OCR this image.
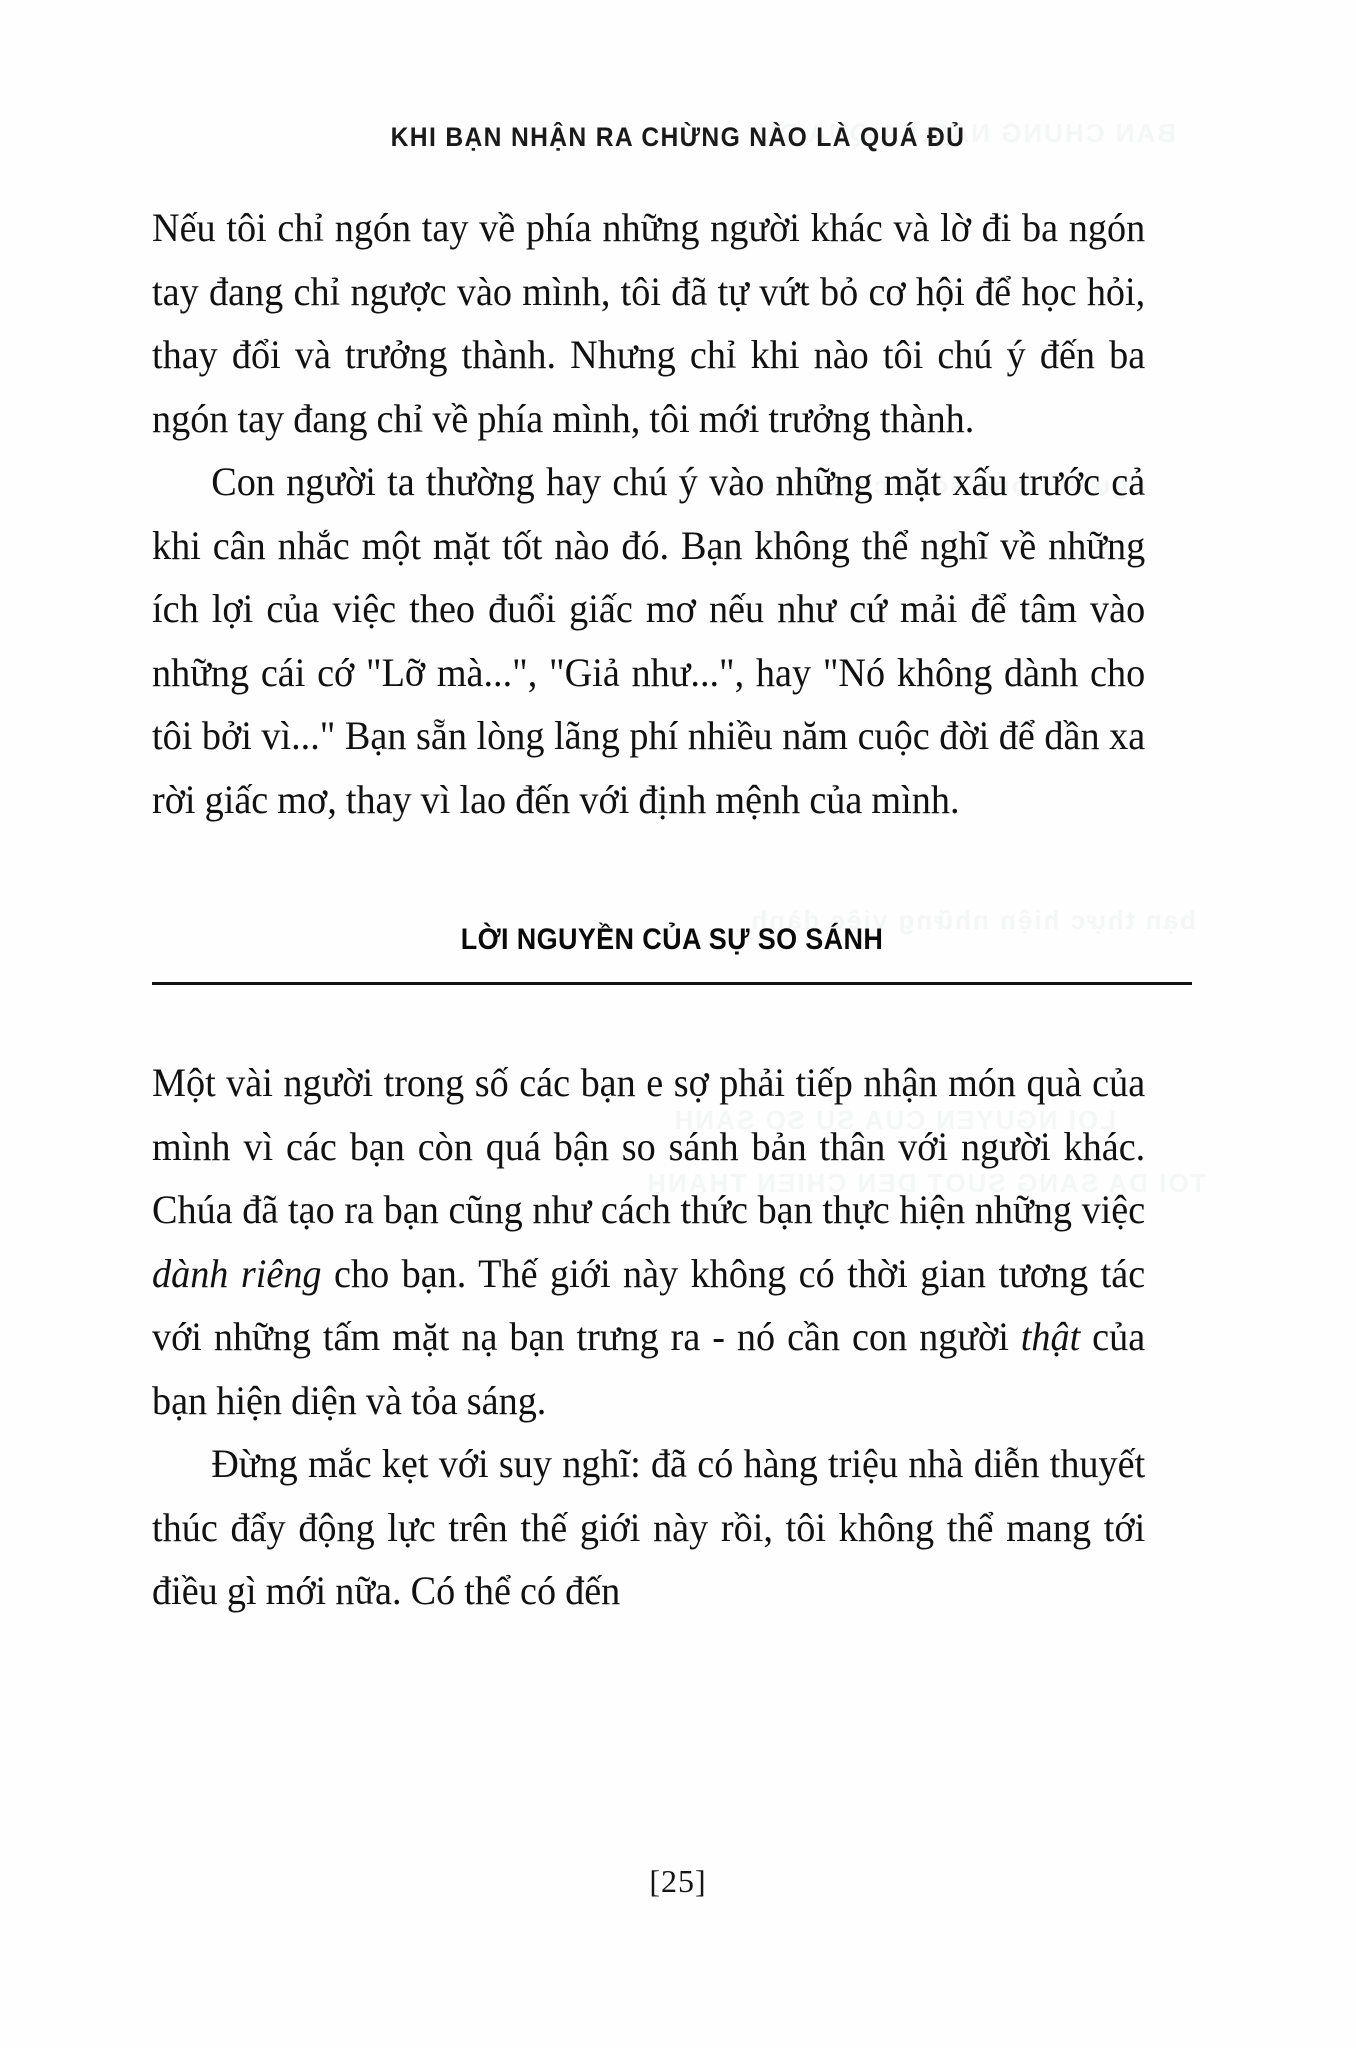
KHI BẠN NHẬN RA CHỪNG NÀO LÀ QUÁ ĐỦ

Nếu tôi chỉ ngón tay về phía những người khác và lờ đi ba ngón tay đang chỉ ngược vào mình, tôi đã tự vứt bỏ cơ hội để học hỏi, thay đổi và trưởng thành. Nhưng chỉ khi nào tôi chú ý đến ba ngón tay đang chỉ về phía mình, tôi mới trưởng thành.

Con người ta thường hay chú ý vào những mặt xấu trước cả khi cân nhắc một mặt tốt nào đó. Bạn không thể nghĩ về những ích lợi của việc theo đuổi giấc mơ nếu như cứ mải để tâm vào những cái cớ "Lỡ mà...", "Giả như...", hay "Nó không dành cho tôi bởi vì..." Bạn sẵn lòng lãng phí nhiều năm cuộc đời để dần xa rời giấc mơ, thay vì lao đến với định mệnh của mình.

LỜI NGUYỀN CỦA SỰ SO SÁNH

Một vài người trong số các bạn e sợ phải tiếp nhận món quà của mình vì các bạn còn quá bận so sánh bản thân với người khác. Chúa đã tạo ra bạn cũng như cách thức bạn thực hiện những việc dành riêng cho bạn. Thế giới này không có thời gian tương tác với những tấm mặt nạ bạn trưng ra - nó cần con người thật của bạn hiện diện và tỏa sáng.

Đừng mắc kẹt với suy nghĩ: đã có hàng triệu nhà diễn thuyết thúc đẩy động lực trên thế giới này rồi, tôi không thể mang tới điều gì mới nữa. Có thể có đến

[25]
